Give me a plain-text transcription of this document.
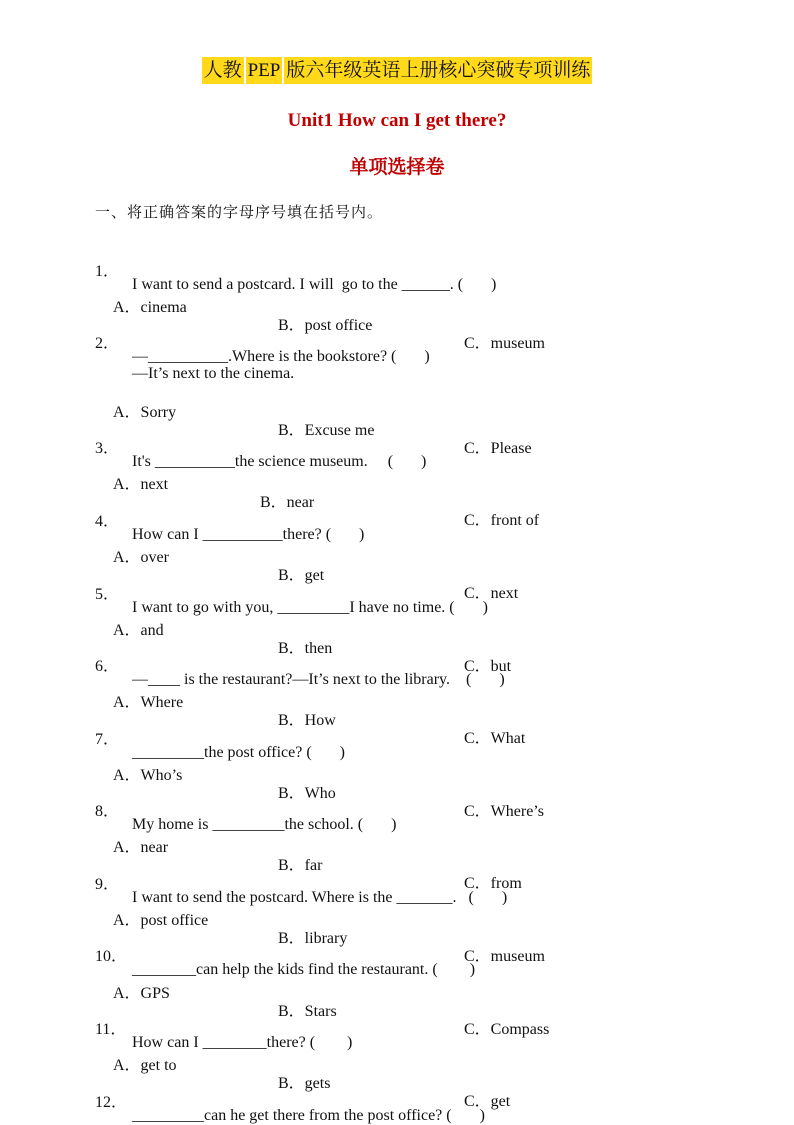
人教 PEP 版六年级英语上册核心突破专项训练
Unit1 How can I get there?
单项选择卷
一、将正确答案的字母序号填在括号内。

1．

I want to send a postcard. I will  go to the ______. (       )

A．cinema

B．post office

C．museum

2．

—__________.Where is the bookstore? (       )

—It’s next to the cinema.

A．Sorry

B．Excuse me

C．Please

3．

It's __________the science museum.     (       )

A．next

B．near

C．front of

4．

How can I __________there? (       )

A．over

B．get

C．next

5．

I want to go with you, _________I have no time. (       )

A．and

B．then

C．but

6．

—____ is the restaurant?—It’s next to the library.    (       )

A．Where

B．How

C．What

7．

_________the post office? (       )

A．Who’s

B．Who

C．Where’s

8．

My home is _________the school. (       )

A．near

B．far

C．from

9．

I want to send the postcard. Where is the _______.   (       )

A．post office

B．library

C．museum

10．

________can help the kids find the restaurant. (        )

A．GPS

B．Stars

C．Compass

11．

How can I ________there? (        )

A．get to

B．gets

C．get

12．

_________can he get there from the post office? (       )
